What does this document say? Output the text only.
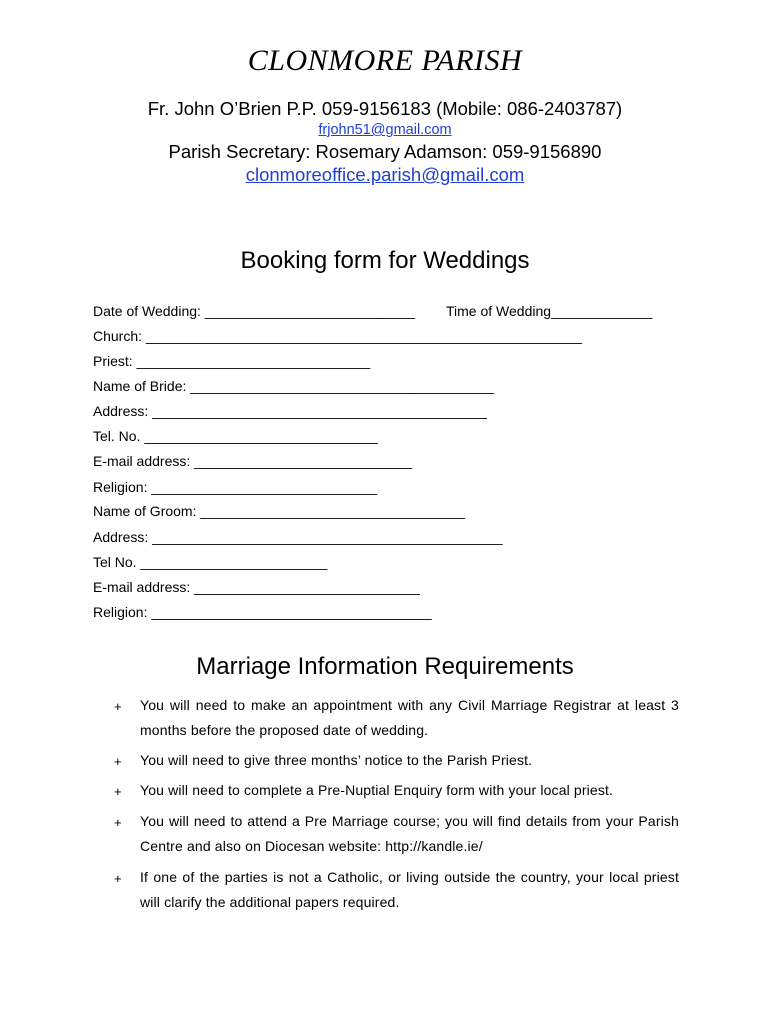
CLONMORE PARISH
Fr. John O’Brien P.P. 059-9156183 (Mobile: 086-2403787)
frjohn51@gmail.com
Parish Secretary: Rosemary Adamson: 059-9156890
clonmoreoffice.parish@gmail.com
Booking form for Weddings
Date of Wedding: ___________________________ Time of Wedding_____________
Church: ________________________________________________________
Priest: ______________________________
Name of Bride: _______________________________________
Address: ___________________________________________
Tel. No. ______________________________
E-mail address: ____________________________
Religion: _____________________________
Name of Groom: __________________________________
Address: _____________________________________________
Tel No. ________________________
E-mail address: _____________________________
Religion: ____________________________________
Marriage Information Requirements
+ You will need to make an appointment with any Civil Marriage Registrar at least 3 months before the proposed date of wedding.
+ You will need to give three months’ notice to the Parish Priest.
+ You will need to complete a Pre-Nuptial Enquiry form with your local priest.
+ You will need to attend a Pre Marriage course; you will find details from your Parish Centre and also on Diocesan website: http://kandle.ie/
+ If one of the parties is not a Catholic, or living outside the country, your local priest will clarify the additional papers required.
